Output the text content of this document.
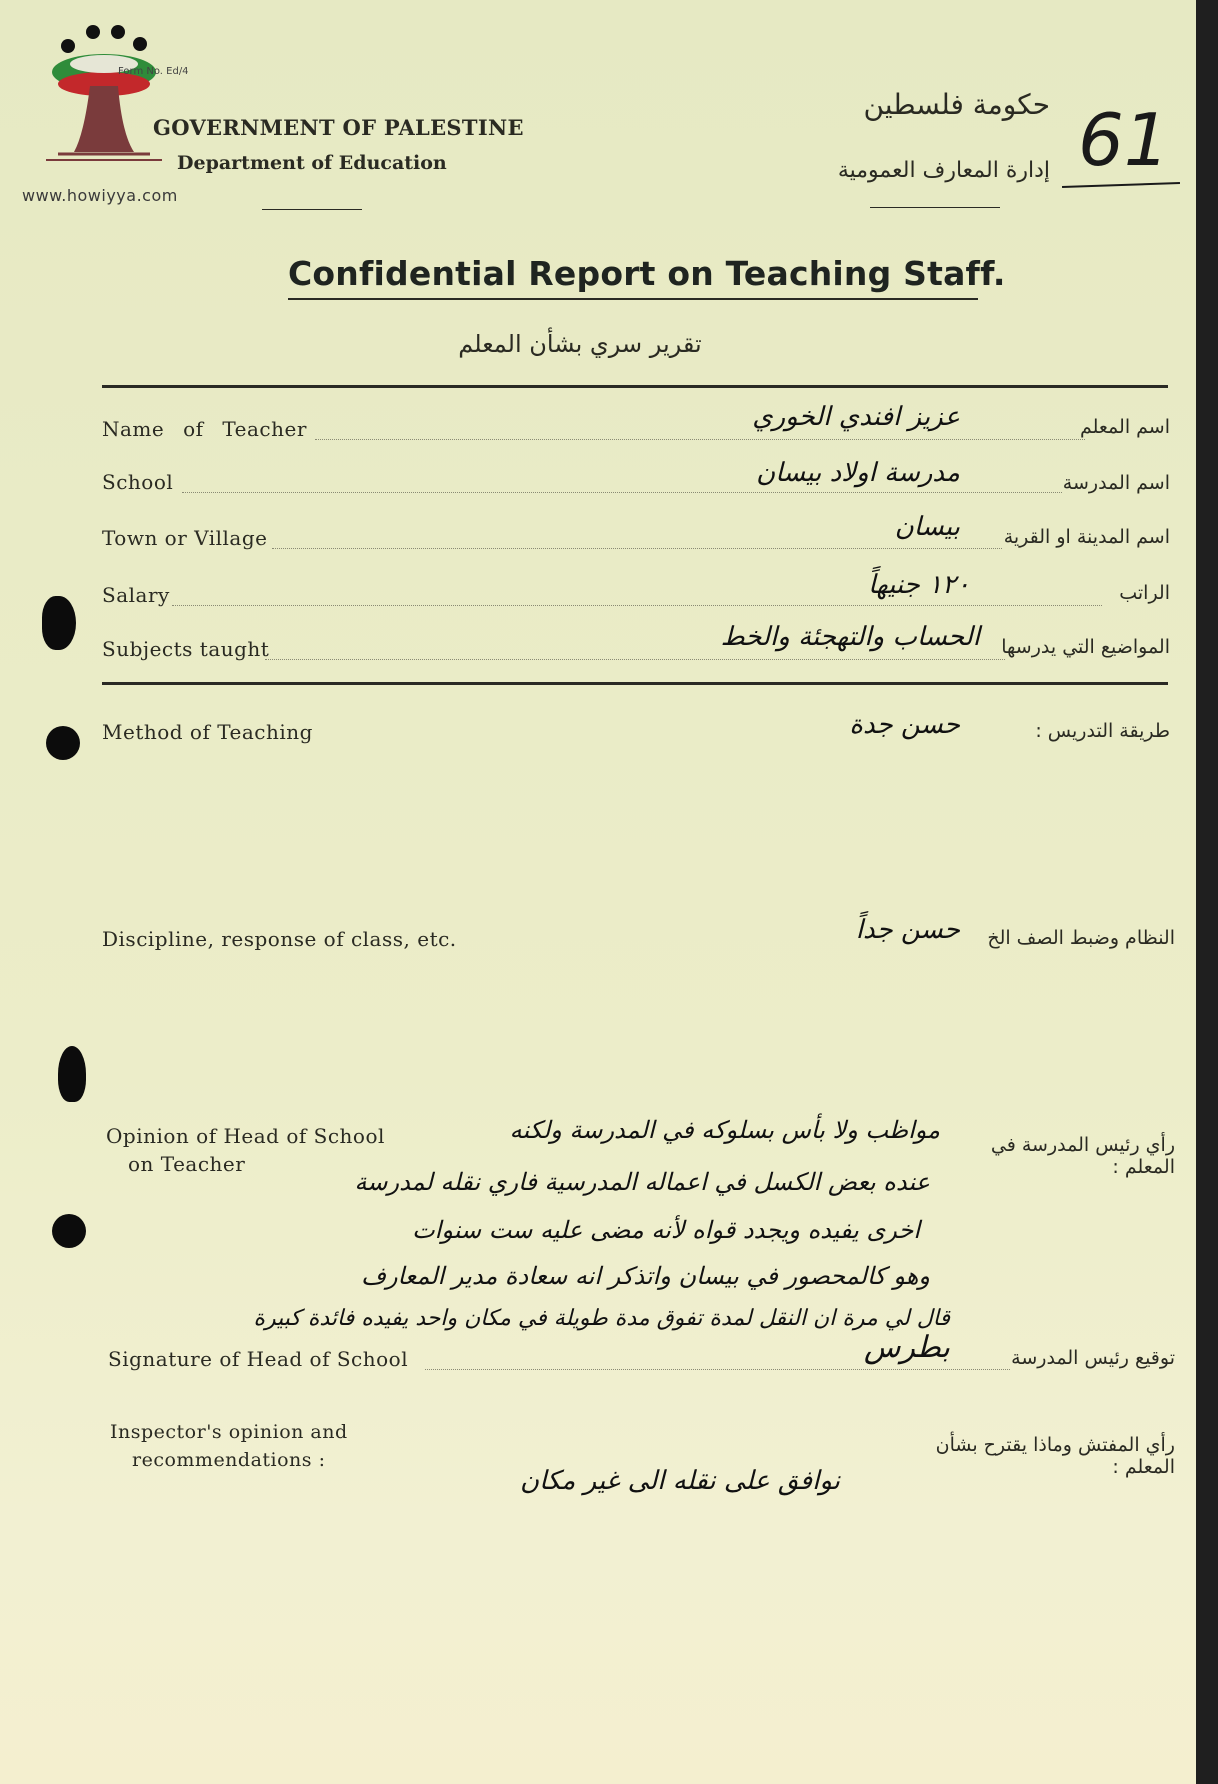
www.howiyya.com
Form No. Ed/4
GOVERNMENT OF PALESTINE
Department of Education
حكومة فلسطين
إدارة المعارف العمومية 61
Confidential Report on Teaching Staff.
تقرير سري بشأن المعلم
Name of Teacher	عزيز افندي الخوري	اسم المعلم
School	مدرسة اولاد بيسان	اسم المدرسة
Town or Village	بيسان	اسم المدينة او القرية
Salary	١٢٠ جنيهاً	الراتب
Subjects taught	الحساب والتهجئة والخط	المواضيع التي يدرسها
Method of Teaching	حسن جدة	طريقة التدريس :
Discipline, response of class, etc.	حسن جداً	النظام وضبط الصف الخ
Opinion of Head of School
on Teacher
رأي رئيس المدرسة في المعلم :
مواظب ولا بأس بسلوكه في المدرسة ولكنه
عنده بعض الكسل في اعماله المدرسية فاري نقله لمدرسة
اخرى يفيده ويجدد قواه لأنه مضى عليه ست سنوات
وهو كالمحصور في بيسان واتذكر انه سعادة مدير المعارف
قال لي مرة ان النقل لمدة تفوق مدة طويلة في مكان واحد يفيده فائدة كبيرة
Signature of Head of School	بطرس	توقيع رئيس المدرسة
Inspector's opinion and
recommendations :
رأي المفتش وماذا يقترح بشأن المعلم :
نوافق على نقله الى غير مكان
